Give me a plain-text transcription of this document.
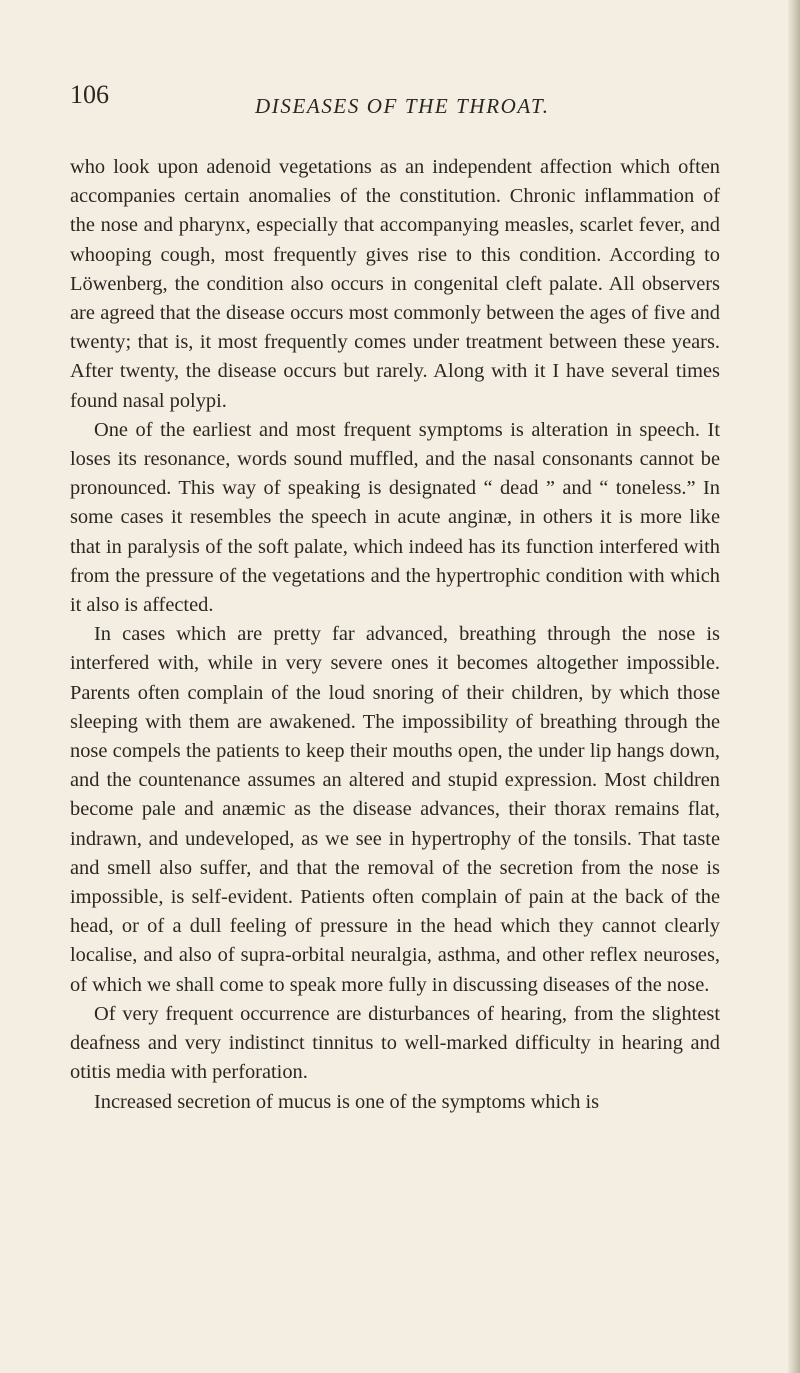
106	DISEASES OF THE THROAT.

who look upon adenoid vegetations as an independent affection which often accompanies certain anomalies of the constitution. Chronic inflammation of the nose and pharynx, especially that accompanying measles, scarlet fever, and whooping cough, most frequently gives rise to this condition. According to Löwenberg, the condition also occurs in congenital cleft palate. All observers are agreed that the disease occurs most commonly between the ages of five and twenty; that is, it most frequently comes under treatment between these years. After twenty, the disease occurs but rarely. Along with it I have several times found nasal polypi.

One of the earliest and most frequent symptoms is alteration in speech. It loses its resonance, words sound muffled, and the nasal consonants cannot be pronounced. This way of speaking is designated “ dead ” and “ toneless.” In some cases it resembles the speech in acute anginæ, in others it is more like that in paralysis of the soft palate, which indeed has its function interfered with from the pressure of the vegetations and the hypertrophic condition with which it also is affected.

In cases which are pretty far advanced, breathing through the nose is interfered with, while in very severe ones it becomes altogether impossible. Parents often complain of the loud snoring of their children, by which those sleeping with them are awakened. The impossibility of breathing through the nose compels the patients to keep their mouths open, the under lip hangs down, and the countenance assumes an altered and stupid expression. Most children become pale and anæmic as the disease advances, their thorax remains flat, indrawn, and undeveloped, as we see in hypertrophy of the tonsils. That taste and smell also suffer, and that the removal of the secretion from the nose is impossible, is self-evident. Patients often complain of pain at the back of the head, or of a dull feeling of pressure in the head which they cannot clearly localise, and also of supra-orbital neuralgia, asthma, and other reflex neuroses, of which we shall come to speak more fully in discussing diseases of the nose.

Of very frequent occurrence are disturbances of hearing, from the slightest deafness and very indistinct tinnitus to well-marked difficulty in hearing and otitis media with perforation.

Increased secretion of mucus is one of the symptoms which is
